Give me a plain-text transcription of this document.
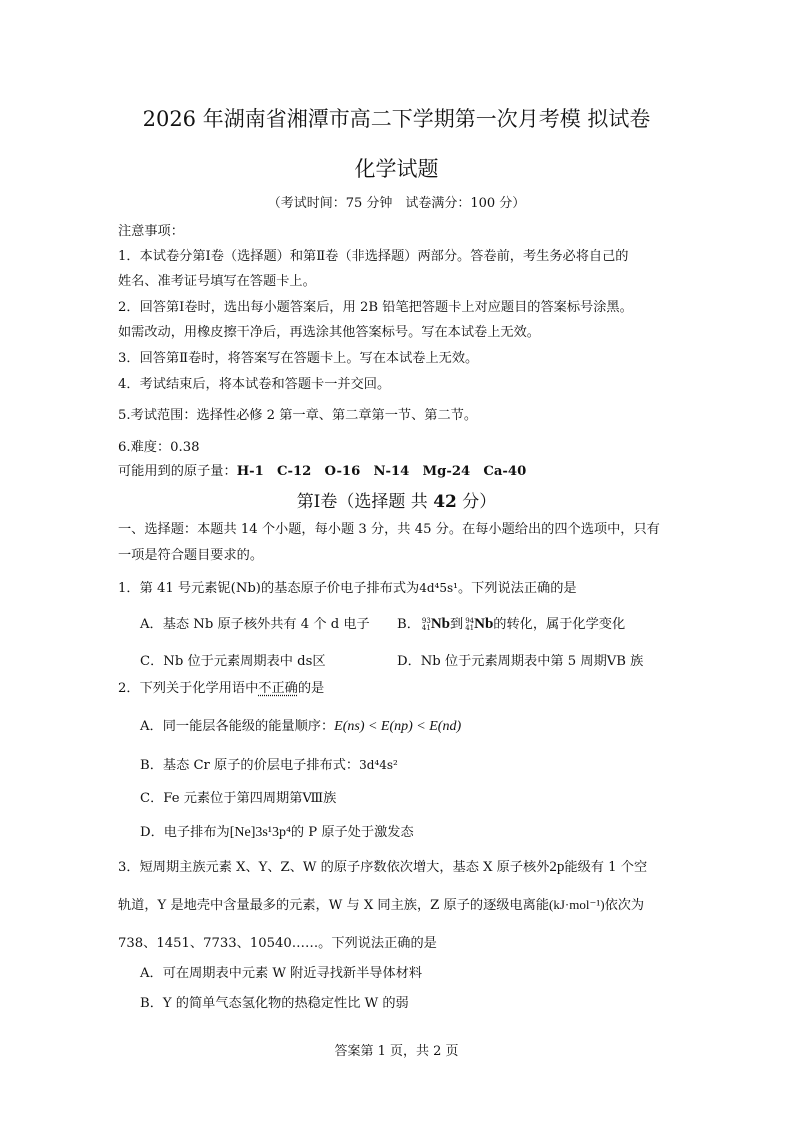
2026 年湖南省湘潭市高二下学期第一次月考模 拟试卷
化学试题
（考试时间：75 分钟　试卷满分：100 分）
注意事项：
1．本试卷分第Ⅰ卷（选择题）和第Ⅱ卷（非选择题）两部分。答卷前，考生务必将自己的
姓名、准考证号填写在答题卡上。
2．回答第Ⅰ卷时，选出每小题答案后，用 2B 铅笔把答题卡上对应题目的答案标号涂黑。
如需改动，用橡皮擦干净后，再选涂其他答案标号。写在本试卷上无效。
3．回答第Ⅱ卷时，将答案写在答题卡上。写在本试卷上无效。
4．考试结束后，将本试卷和答题卡一并交回。
5.考试范围：选择性必修 2 第一章、第二章第一节、第二节。
6.难度：0.38
可能用到的原子量：H-1　C-12　O-16　N-14　Mg-24　Ca-40
第Ⅰ卷（选择题 共 42 分）
一、选择题：本题共 14 个小题，每小题 3 分，共 45 分。在每小题给出的四个选项中，只有
一项是符合题目要求的。
1．第 41 号元素铌(Nb)的基态原子价电子排布式为4d⁴5s¹。下列说法正确的是
A．基态 Nb 原子核外共有 4 个 d 电子 B． 93
41 Nb到 94
41 Nb的转化，属于化学变化
C．Nb 位于元素周期表中 ds区	D．Nb 位于元素周期表中第 5 周期ⅤB 族
2．下列关于化学用语中不正确的是
A．同一能层各能级的能量顺序：E(ns) < E(np) < E(nd)
B．基态 Cr 原子的价层电子排布式：3d⁴4s²
C．Fe 元素位于第四周期第Ⅷ族
D．电子排布为[Ne]3s¹3p⁴的 P 原子处于激发态
3．短周期主族元素 X、Y、Z、W 的原子序数依次增大，基态 X 原子核外2p能级有 1 个空
轨道，Y 是地壳中含量最多的元素，W 与 X 同主族，Z 原子的逐级电离能(kJ·mol⁻¹)依次为
738、1451、7733、10540……。下列说法正确的是
A．可在周期表中元素 W 附近寻找新半导体材料
B．Y 的简单气态氢化物的热稳定性比 W 的弱
答案第 1 页，共 2 页
